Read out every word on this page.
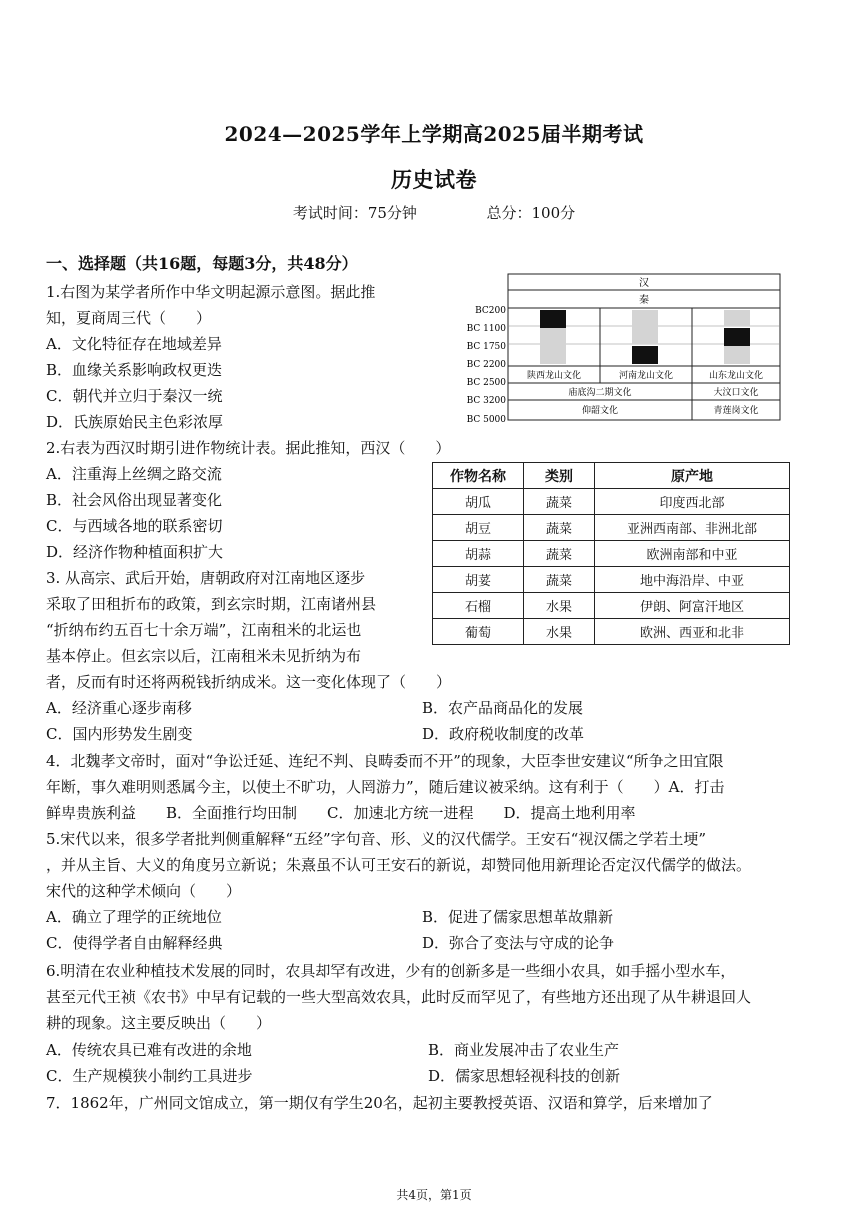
2024—2025学年上学期高2025届半期考试
历史试卷
考试时间：75分钟	总分：100分
一、选择题（共16题，每题3分，共48分）
1.右图为某学者所作中华文明起源示意图。据此推
知，夏商周三代（　　）
A．文化特征存在地域差异
B．血缘关系影响政权更迭
C．朝代并立归于秦汉一统
D．氏族原始民主色彩浓厚
汉
秦
陕西龙山文化	河南龙山文化	山东龙山文化
庙底沟二期文化	大汶口文化
仰韶文化	青莲岗文化
BC200
BC 1100
BC 1750
BC 2200
BC 2500
BC 3200
BC 5000
2.右表为西汉时期引进作物统计表。据此推知，西汉（　　）
A．注重海上丝绸之路交流
B．社会风俗出现显著变化
C．与西域各地的联系密切
D．经济作物种植面积扩大
作物名称	类别	原产地
胡瓜	蔬菜	印度西北部
胡豆	蔬菜	亚洲西南部、非洲北部
胡蒜	蔬菜	欧洲南部和中亚
胡荽	蔬菜	地中海沿岸、中亚
石榴	水果	伊朗、阿富汗地区
葡萄	水果	欧洲、西亚和北非
3. 从高宗、武后开始，唐朝政府对江南地区逐步
采取了田租折布的政策，到玄宗时期，江南诸州县
“折纳布约五百七十余万端”，江南租米的北运也
基本停止。但玄宗以后，江南租米未见折纳为布
者，反而有时还将两税钱折纳成米。这一变化体现了（　　）
A．经济重心逐步南移	B．农产品商品化的发展
C．国内形势发生剧变	D．政府税收制度的改革
4．北魏孝文帝时，面对“争讼迁延、连纪不判、良畴委而不开”的现象，大臣李世安建议“所争之田宜限
年断，事久难明则悉属今主，以使土不旷功，人罔游力”，随后建议被采纳。这有利于（　　）A．打击
鲜卑贵族利益　　B．全面推行均田制　　C．加速北方统一进程　　D．提高土地利用率
5.宋代以来，很多学者批判侧重解释“五经”字句音、形、义的汉代儒学。王安石“视汉儒之学若土埂”
，并从主旨、大义的角度另立新说；朱熹虽不认可王安石的新说，却赞同他用新理论否定汉代儒学的做法。
宋代的这种学术倾向（　　）
A．确立了理学的正统地位	B．促进了儒家思想革故鼎新
C．使得学者自由解释经典	D．弥合了变法与守成的论争
6.明清在农业种植技术发展的同时，农具却罕有改进，少有的创新多是一些细小农具，如手摇小型水车，
甚至元代王祯《农书》中早有记载的一些大型高效农具，此时反而罕见了，有些地方还出现了从牛耕退回人
耕的现象。这主要反映出（　　）
A．传统农具已难有改进的余地	B．商业发展冲击了农业生产
C．生产规模狭小制约工具进步	D．儒家思想轻视科技的创新
7．1862年，广州同文馆成立，第一期仅有学生20名，起初主要教授英语、汉语和算学，后来增加了
共4页，第1页
